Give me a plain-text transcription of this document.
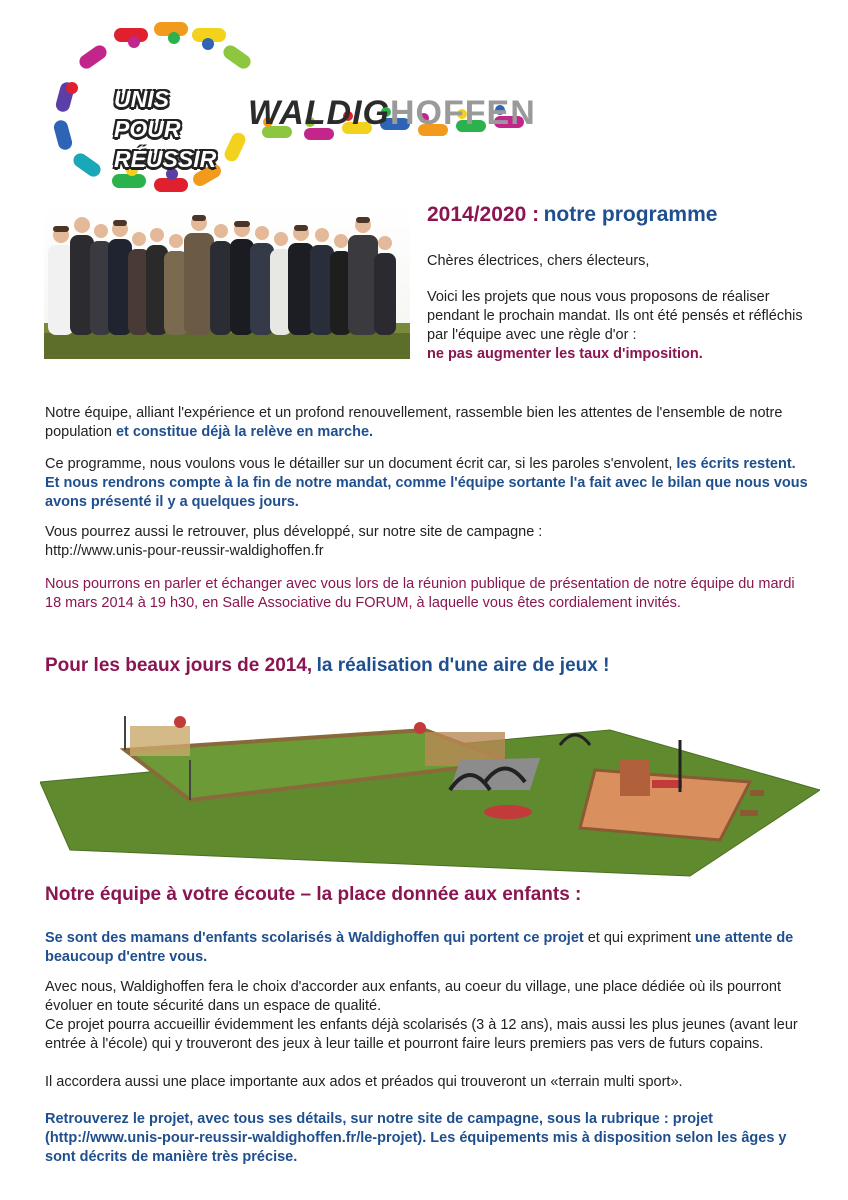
UNIS POUR
RÉUSSIR
WALDIGHOFFEN
2014/2020 : notre programme

Chères électrices, chers électeurs,

Voici les projets que nous vous proposons de réaliser pendant le prochain mandat. Ils ont été pensés et réfléchis par l'équipe avec une règle d'or :
ne pas augmenter les taux d'imposition.

Notre équipe, alliant l'expérience et un profond renouvellement, rassemble bien les attentes de l'ensemble de notre population et constitue déjà la relève en marche.

Ce programme, nous voulons vous le détailler sur un document écrit car, si les paroles s'envolent, les écrits restent. Et nous rendrons compte à la fin de notre mandat, comme l'équipe sortante l'a fait avec le bilan que nous vous avons présenté il y a quelques jours.

Vous pourrez aussi le retrouver, plus développé, sur notre site de campagne :
http://www.unis-pour-reussir-waldighoffen.fr

Nous pourrons en parler et échanger avec vous lors de la réunion publique de présentation de notre équipe du mardi 18 mars 2014 à 19 h30, en Salle Associative du FORUM, à laquelle vous êtes cordialement invités.

Pour les beaux jours de 2014, la réalisation d'une aire de jeux !
Notre équipe à votre écoute – la place donnée aux enfants :

Se sont des mamans d'enfants scolarisés à Waldighoffen qui portent ce projet et qui expriment une attente de beaucoup d'entre vous.

Avec nous, Waldighoffen fera le choix d'accorder aux enfants, au coeur du village, une place dédiée où ils pourront évoluer en toute sécurité dans un espace de qualité.

Ce projet pourra accueillir évidemment les enfants déjà scolarisés (3 à 12 ans), mais aussi les plus jeunes (avant leur entrée à l'école) qui y trouveront des jeux à leur taille et pourront faire leurs premiers pas vers de futurs copains.

Il accordera aussi une place importante aux ados et préados qui trouveront un «terrain multi sport».

Retrouverez le projet, avec tous ses détails, sur notre site de campagne, sous la rubrique : projet (http://www.unis-pour-reussir-waldighoffen.fr/le-projet). Les équipements mis à disposition selon les âges y sont décrits de manière très précise.
